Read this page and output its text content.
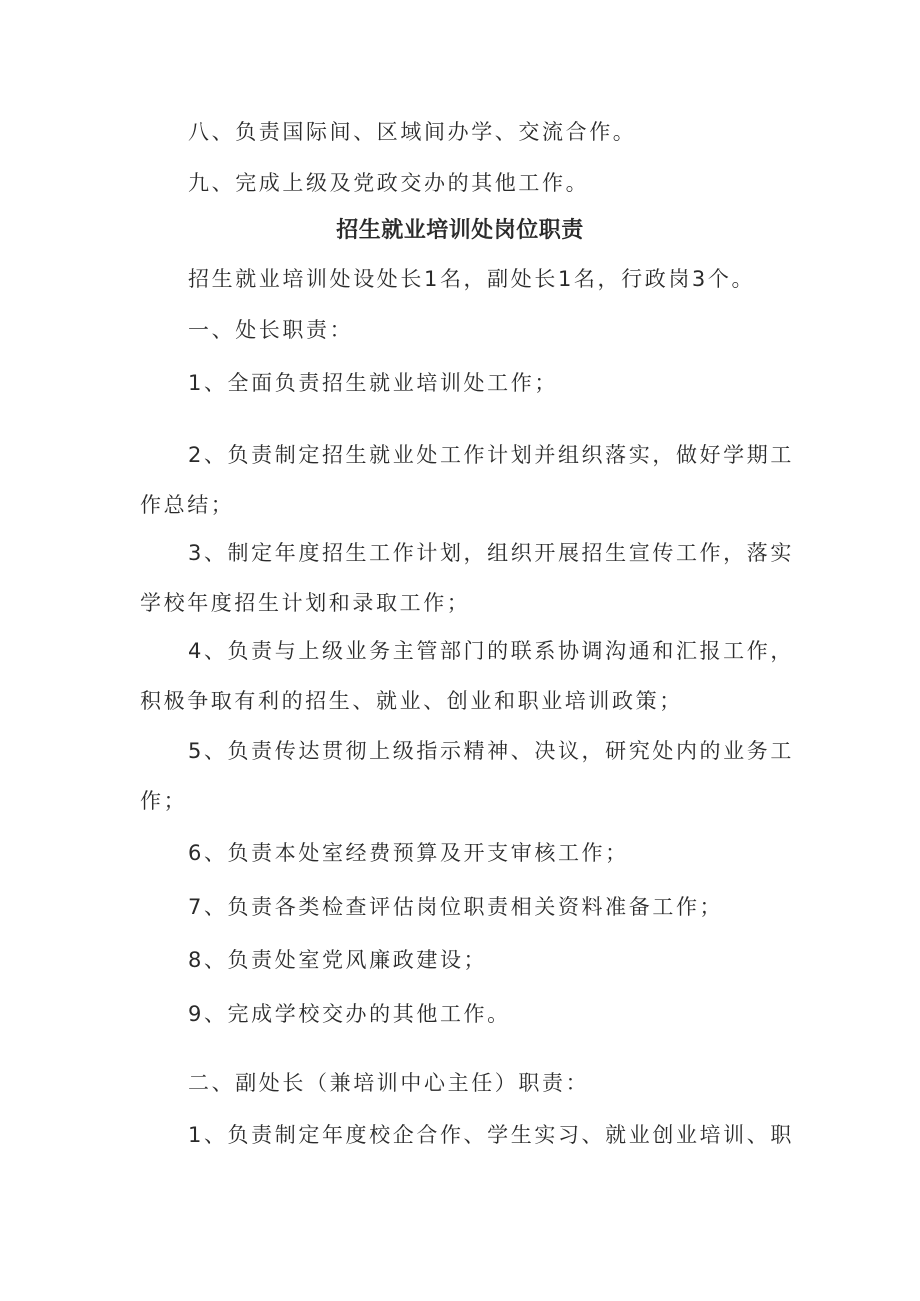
八、负责国际间、区域间办学、交流合作。
九、完成上级及党政交办的其他工作。
招生就业培训处岗位职责
招生就业培训处设处长1名，副处长1名，行政岗3个。
一、处长职责：
1、全面负责招生就业培训处工作；
2、负责制定招生就业处工作计划并组织落实，做好学期工
作总结；
3、制定年度招生工作计划，组织开展招生宣传工作，落实
学校年度招生计划和录取工作；
4、负责与上级业务主管部门的联系协调沟通和汇报工作，
积极争取有利的招生、就业、创业和职业培训政策；
5、负责传达贯彻上级指示精神、决议，研究处内的业务工
作；
6、负责本处室经费预算及开支审核工作；
7、负责各类检查评估岗位职责相关资料准备工作；
8、负责处室党风廉政建设；
9、完成学校交办的其他工作。
二、副处长（兼培训中心主任）职责：
1、负责制定年度校企合作、学生实习、就业创业培训、职
